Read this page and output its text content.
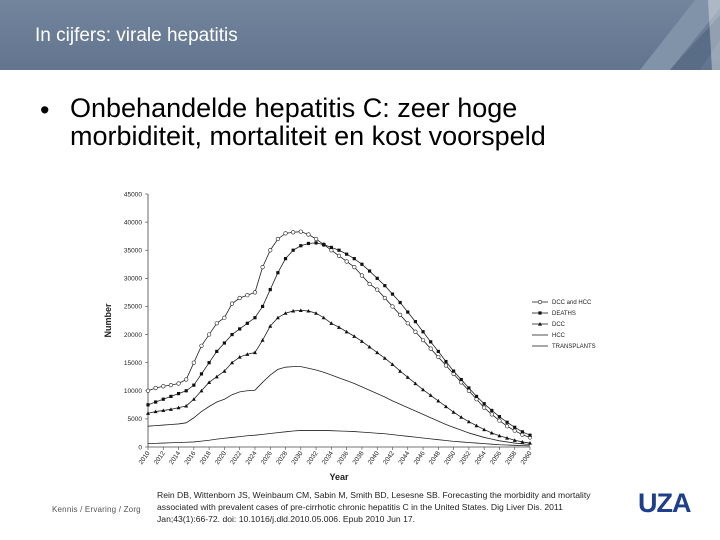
In cijfers: virale hepatitis
• Onbehandelde hepatitis C: zeer hoge morbiditeit, mortaliteit en kost voorspeld
0
5000
10000
15000
20000
25000
30000
35000
40000
45000
2010 2012 2014 2016 2018 2020 2022 2024 2026 2028 2030 2032 2034 2036 2038 2040 2042 2044 2046 2048 2050 2052 2054 2056 2058 2060
Number
Year
DCC and HCC
DEATHS
DCC
HCC
TRANSPLANTS
Kennis / Ervaring / Zorg
Rein DB, Wittenborn JS, Weinbaum CM, Sabin M, Smith BD, Lesesne SB. Forecasting the morbidity and mortality associated with prevalent cases of pre-cirrhotic chronic hepatitis C in the United States. Dig Liver Dis. 2011 Jan;43(1):66-72. doi: 10.1016/j.dld.2010.05.006. Epub 2010 Jun 17.
UZA
